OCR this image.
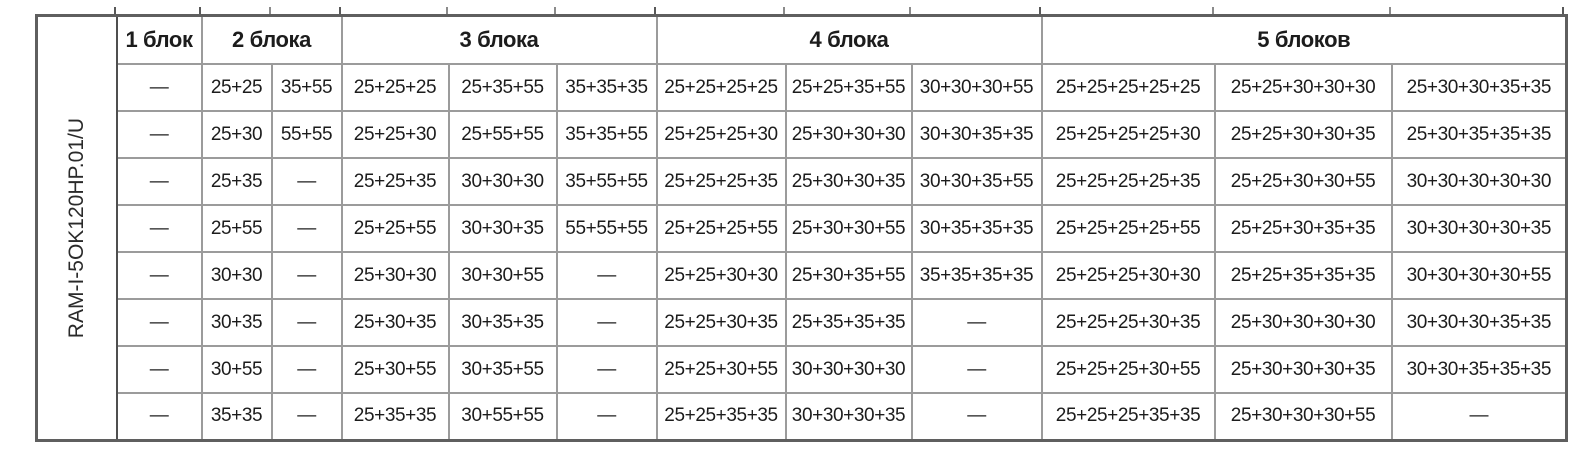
RAM-I-5OK120HP.01/U	1 блок	2 блока		3 блока			4 блока			5 блоков		
	—	25+25	35+55	25+25+25	25+35+55	35+35+35	25+25+25+25	25+25+35+55	30+30+30+55	25+25+25+25+25	25+25+30+30+30	25+30+30+35+35
	—	25+30	55+55	25+25+30	25+55+55	35+35+55	25+25+25+30	25+30+30+30	30+30+35+35	25+25+25+25+30	25+25+30+30+35	25+30+35+35+35
	—	25+35	—	25+25+35	30+30+30	35+55+55	25+25+25+35	25+30+30+35	30+30+35+55	25+25+25+25+35	25+25+30+30+55	30+30+30+30+30
	—	25+55	—	25+25+55	30+30+35	55+55+55	25+25+25+55	25+30+30+55	30+35+35+35	25+25+25+25+55	25+25+30+35+35	30+30+30+30+35
	—	30+30	—	25+30+30	30+30+55	—	25+25+30+30	25+30+35+55	35+35+35+35	25+25+25+30+30	25+25+35+35+35	30+30+30+30+55
	—	30+35	—	25+30+35	30+35+35	—	25+25+30+35	25+35+35+35	—	25+25+25+30+35	25+30+30+30+30	30+30+30+35+35
	—	30+55	—	25+30+55	30+35+55	—	25+25+30+55	30+30+30+30	—	25+25+25+30+55	25+30+30+30+35	30+30+35+35+35
	—	35+35	—	25+35+35	30+55+55	—	25+25+35+35	30+30+30+35	—	25+25+25+35+35	25+30+30+30+55	—
